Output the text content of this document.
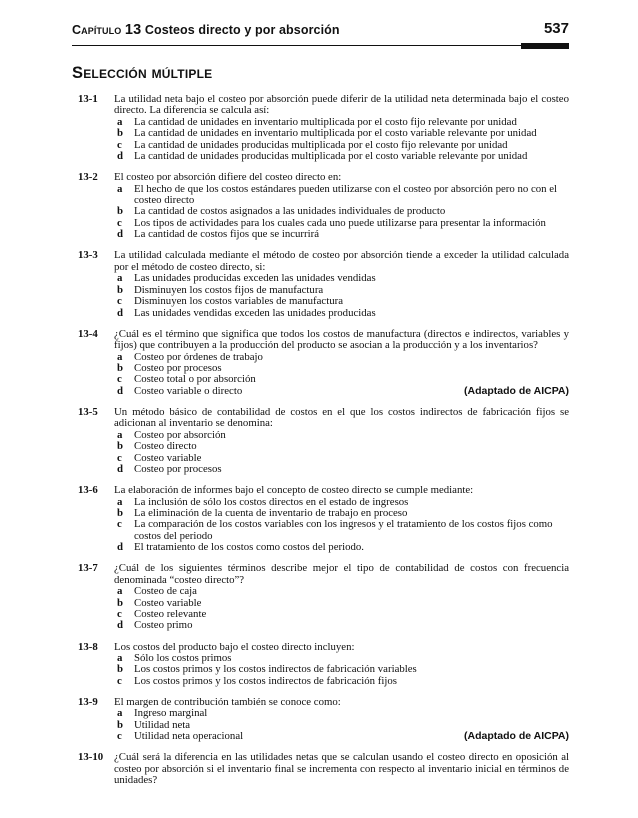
Capítulo 13 Costeos directo y por absorción	537
Selección múltiple
13-1 La utilidad neta bajo el costeo por absorción puede diferir de la utilidad neta determinada bajo el costeo directo. La diferencia se calcula así:
a La cantidad de unidades en inventario multiplicada por el costo fijo relevante por unidad
b La cantidad de unidades en inventario multiplicada por el costo variable relevante por unidad
c La cantidad de unidades producidas multiplicada por el costo fijo relevante por unidad
d La cantidad de unidades producidas multiplicada por el costo variable relevante por unidad
13-2 El costeo por absorción difiere del costeo directo en:
a El hecho de que los costos estándares pueden utilizarse con el costeo por absorción pero no con el costeo directo
b La cantidad de costos asignados a las unidades individuales de producto
c Los tipos de actividades para los cuales cada uno puede utilizarse para presentar la información
d La cantidad de costos fijos que se incurrirá
13-3 La utilidad calculada mediante el método de costeo por absorción tiende a exceder la utilidad calculada por el método de costeo directo, si:
a Las unidades producidas exceden las unidades vendidas
b Disminuyen los costos fijos de manufactura
c Disminuyen los costos variables de manufactura
d Las unidades vendidas exceden las unidades producidas
13-4 ¿Cuál es el término que significa que todos los costos de manufactura (directos e indirectos, variables y fijos) que contribuyen a la producción del producto se asocian a la producción y a los inventarios?
a Costeo por órdenes de trabajo
b Costeo por procesos
c Costeo total o por absorción
d Costeo variable o directo	(Adaptado de AICPA)
13-5 Un método básico de contabilidad de costos en el que los costos indirectos de fabricación fijos se adicionan al inventario se denomina:
a Costeo por absorción
b Costeo directo
c Costeo variable
d Costeo por procesos
13-6 La elaboración de informes bajo el concepto de costeo directo se cumple mediante:
a La inclusión de sólo los costos directos en el estado de ingresos
b La eliminación de la cuenta de inventario de trabajo en proceso
c La comparación de los costos variables con los ingresos y el tratamiento de los costos fijos como costos del periodo
d El tratamiento de los costos como costos del periodo.
13-7 ¿Cuál de los siguientes términos describe mejor el tipo de contabilidad de costos con frecuencia denominada “costeo directo”?
a Costeo de caja
b Costeo variable
c Costeo relevante
d Costeo primo
13-8 Los costos del producto bajo el costeo directo incluyen:
a Sólo los costos primos
b Los costos primos y los costos indirectos de fabricación variables
c Los costos primos y los costos indirectos de fabricación fijos
13-9 El margen de contribución también se conoce como:
a Ingreso marginal
b Utilidad neta
c Utilidad neta operacional	(Adaptado de AICPA)
13-10 ¿Cuál será la diferencia en las utilidades netas que se calculan usando el costeo directo en oposición al costeo por absorción si el inventario final se incrementa con respecto al inventario inicial en términos de unidades?
